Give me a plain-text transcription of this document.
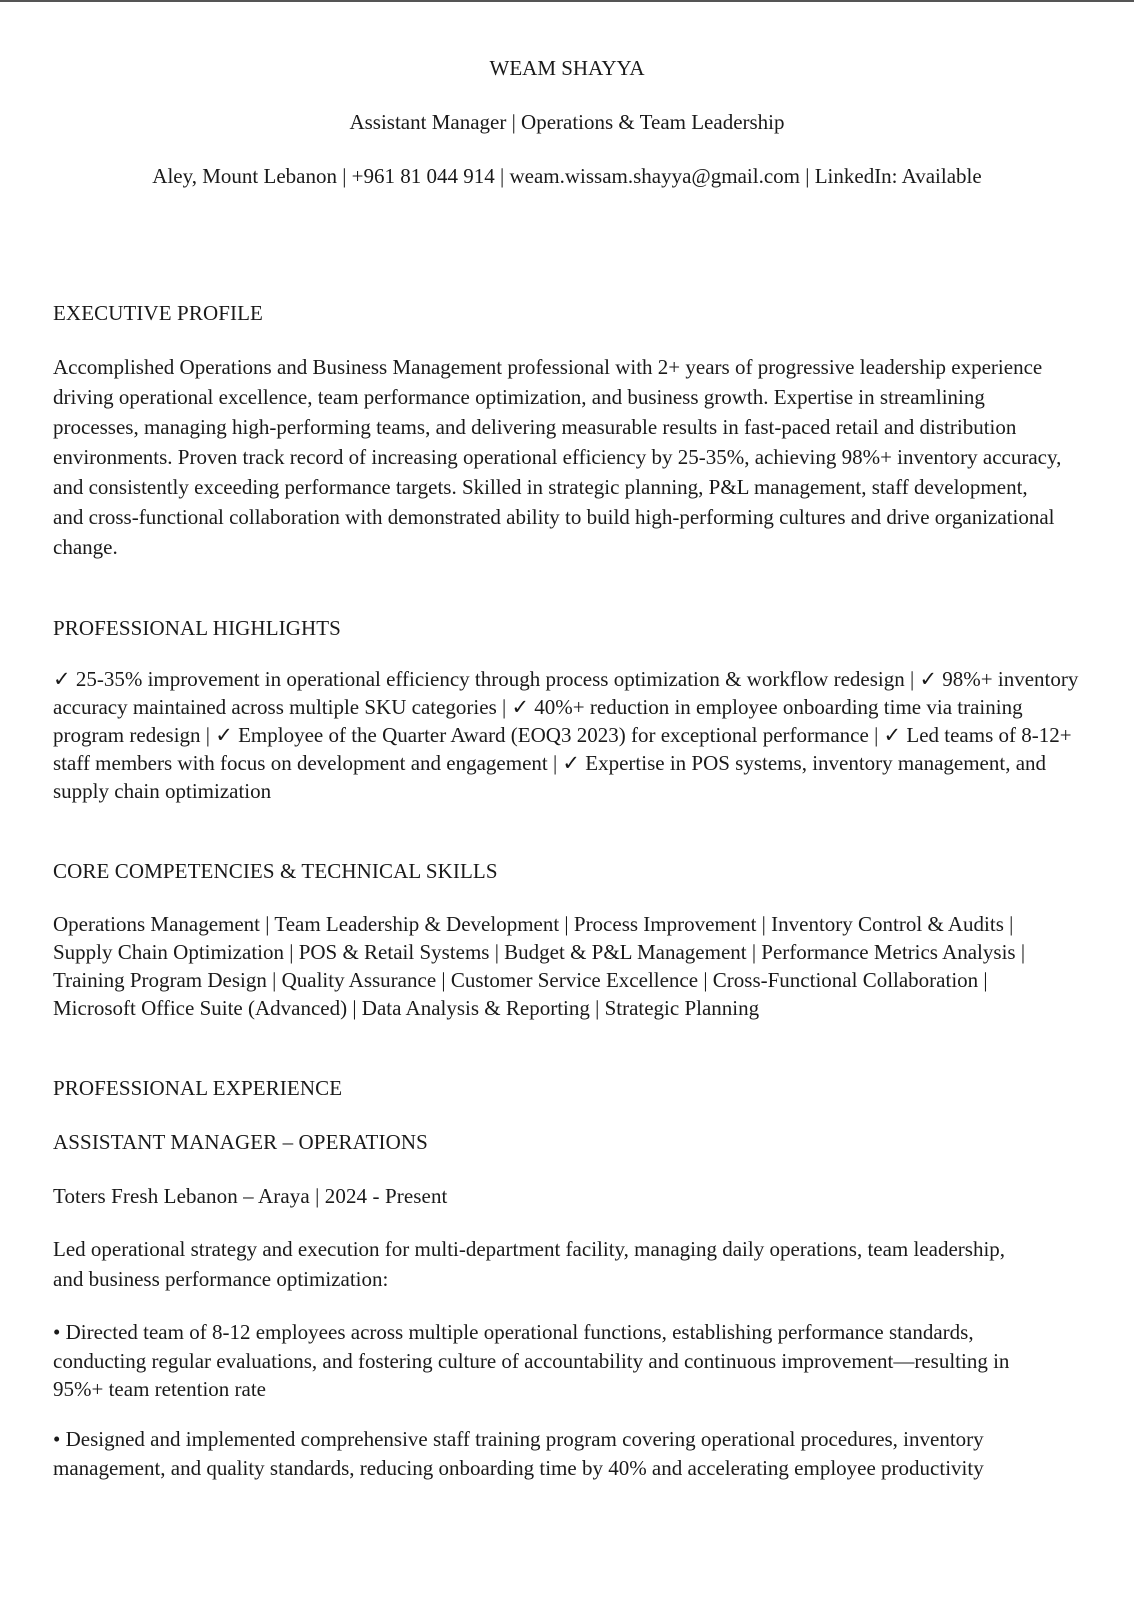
WEAM SHAYYA
Assistant Manager | Operations & Team Leadership
Aley, Mount Lebanon | +961 81 044 914 | weam.wissam.shayya@gmail.com | LinkedIn: Available
EXECUTIVE PROFILE
Accomplished Operations and Business Management professional with 2+ years of progressive leadership experience driving operational excellence, team performance optimization, and business growth. Expertise in streamlining processes, managing high-performing teams, and delivering measurable results in fast-paced retail and distribution environments. Proven track record of increasing operational efficiency by 25-35%, achieving 98%+ inventory accuracy, and consistently exceeding performance targets. Skilled in strategic planning, P&L management, staff development, and cross-functional collaboration with demonstrated ability to build high-performing cultures and drive organizational change.
PROFESSIONAL HIGHLIGHTS
✓ 25-35% improvement in operational efficiency through process optimization & workflow redesign | ✓ 98%+ inventory accuracy maintained across multiple SKU categories | ✓ 40%+ reduction in employee onboarding time via training program redesign | ✓ Employee of the Quarter Award (EOQ3 2023) for exceptional performance | ✓ Led teams of 8-12+ staff members with focus on development and engagement | ✓ Expertise in POS systems, inventory management, and supply chain optimization
CORE COMPETENCIES & TECHNICAL SKILLS
Operations Management | Team Leadership & Development | Process Improvement | Inventory Control & Audits | Supply Chain Optimization | POS & Retail Systems | Budget & P&L Management | Performance Metrics Analysis | Training Program Design | Quality Assurance | Customer Service Excellence | Cross-Functional Collaboration | Microsoft Office Suite (Advanced) | Data Analysis & Reporting | Strategic Planning
PROFESSIONAL EXPERIENCE
ASSISTANT MANAGER – OPERATIONS
Toters Fresh Lebanon – Araya | 2024 - Present
Led operational strategy and execution for multi-department facility, managing daily operations, team leadership, and business performance optimization:
• Directed team of 8-12 employees across multiple operational functions, establishing performance standards, conducting regular evaluations, and fostering culture of accountability and continuous improvement—resulting in 95%+ team retention rate
• Designed and implemented comprehensive staff training program covering operational procedures, inventory management, and quality standards, reducing onboarding time by 40% and accelerating employee productivity
